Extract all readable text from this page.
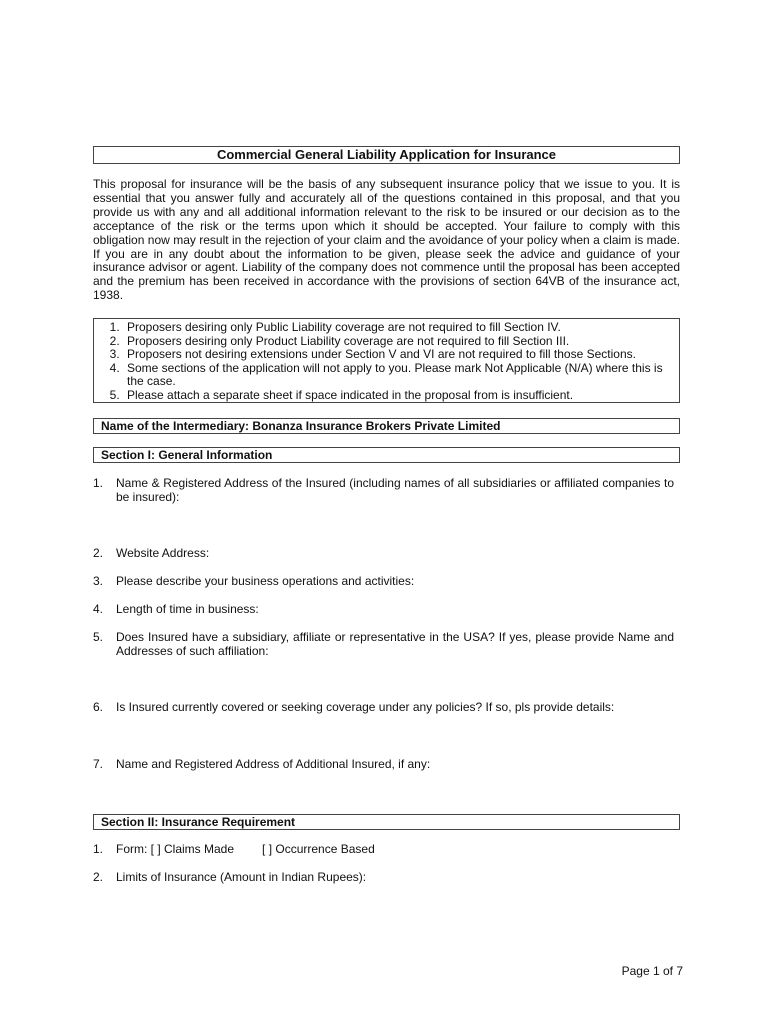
Commercial General Liability Application for Insurance

This proposal for insurance will be the basis of any subsequent insurance policy that we issue to you. It is essential that you answer fully and accurately all of the questions contained in this proposal, and that you provide us with any and all additional information relevant to the risk to be insured or our decision as to the acceptance of the risk or the terms upon which it should be accepted. Your failure to comply with this obligation now may result in the rejection of your claim and the avoidance of your policy when a claim is made. If you are in any doubt about the information to be given, please seek the advice and guidance of your insurance advisor or agent. Liability of the company does not commence until the proposal has been accepted and the premium has been received in accordance with the provisions of section 64VB of the insurance act, 1938.

1. Proposers desiring only Public Liability coverage are not required to fill Section IV.
2. Proposers desiring only Product Liability coverage are not required to fill Section III.
3. Proposers not desiring extensions under Section V and VI are not required to fill those Sections.
4. Some sections of the application will not apply to you. Please mark Not Applicable (N/A) where this is the case.
5. Please attach a separate sheet if space indicated in the proposal from is insufficient.
Name of the Intermediary: Bonanza Insurance Brokers Private Limited
Section I: General Information
1.	Name & Registered Address of the Insured (including names of all subsidiaries or affiliated companies to be insured):
2.	Website Address:
3.	Please describe your business operations and activities:
4.	Length of time in business:
5.	Does Insured have a subsidiary, affiliate or representative in the USA? If yes, please provide Name and Addresses of such affiliation:
6.	Is Insured currently covered or seeking coverage under any policies? If so, pls provide details:
7.	Name and Registered Address of Additional Insured, if any:
Section II: Insurance Requirement
1.	Form: [ ] Claims Made [ ] Occurrence Based
2.	Limits of Insurance (Amount in Indian Rupees):
Page 1 of 7
